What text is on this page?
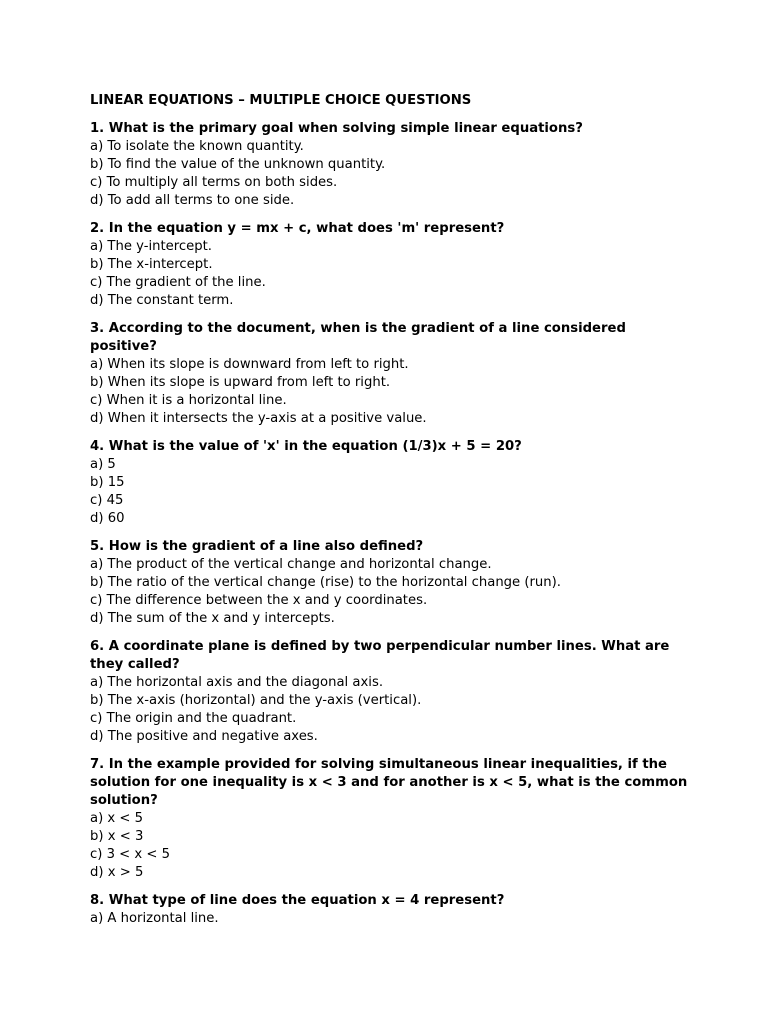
LINEAR EQUATIONS – MULTIPLE CHOICE QUESTIONS

1. What is the primary goal when solving simple linear equations?

a) To isolate the known quantity.

b) To find the value of the unknown quantity.

c) To multiply all terms on both sides.

d) To add all terms to one side.

2. In the equation y = mx + c, what does 'm' represent?

a) The y-intercept.

b) The x-intercept.

c) The gradient of the line.

d) The constant term.

3. According to the document, when is the gradient of a line considered positive?

a) When its slope is downward from left to right.

b) When its slope is upward from left to right.

c) When it is a horizontal line.

d) When it intersects the y-axis at a positive value.

4. What is the value of 'x' in the equation (1/3)x + 5 = 20?

a) 5

b) 15

c) 45

d) 60

5. How is the gradient of a line also defined?

a) The product of the vertical change and horizontal change.

b) The ratio of the vertical change (rise) to the horizontal change (run).

c) The difference between the x and y coordinates.

d) The sum of the x and y intercepts.

6. A coordinate plane is defined by two perpendicular number lines. What are they called?

a) The horizontal axis and the diagonal axis.

b) The x-axis (horizontal) and the y-axis (vertical).

c) The origin and the quadrant.

d) The positive and negative axes.

7. In the example provided for solving simultaneous linear inequalities, if the solution for one inequality is x < 3 and for another is x < 5, what is the common solution?

a) x < 5

b) x < 3

c) 3 < x < 5

d) x > 5

8. What type of line does the equation x = 4 represent?

a) A horizontal line.
